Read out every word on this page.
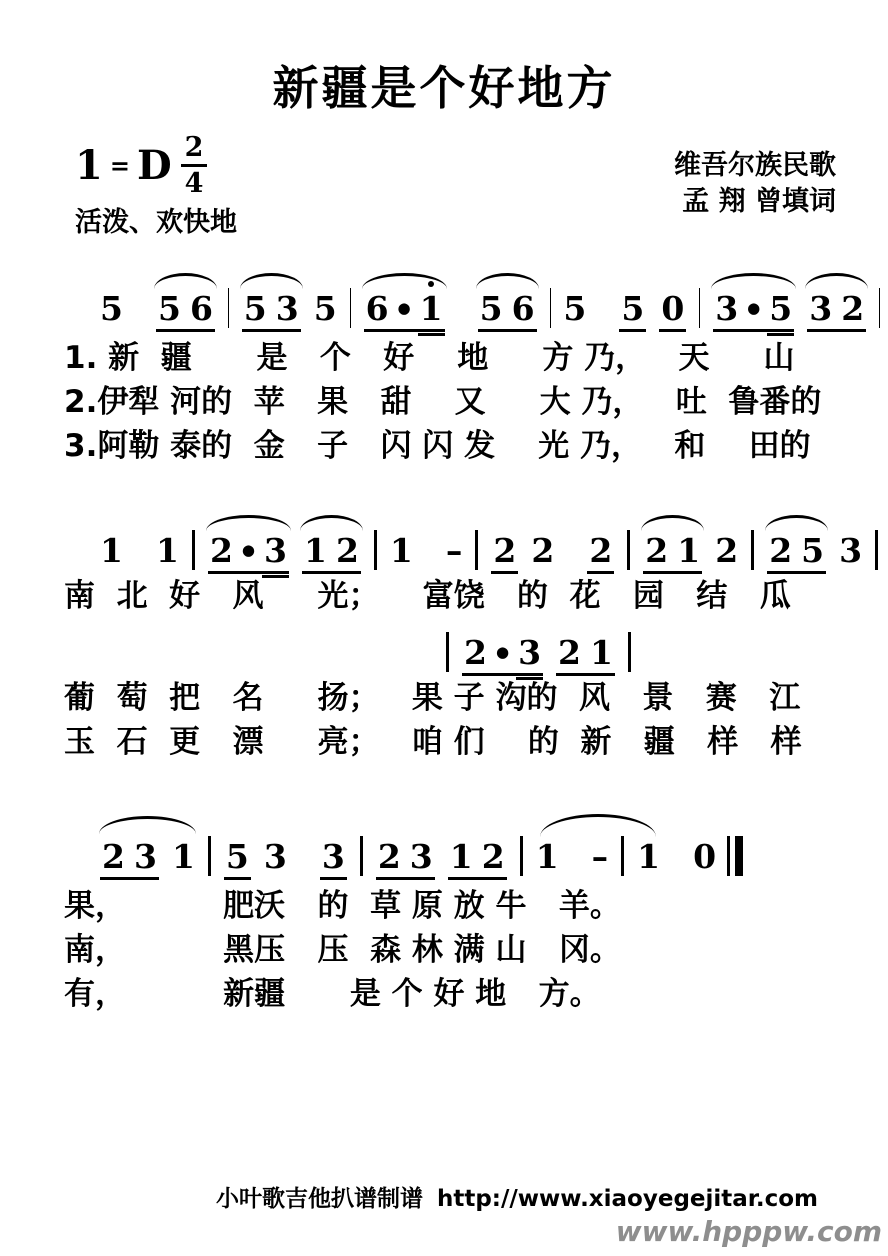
新疆是个好地方
1 = D $\frac{2}{4}$	维吾尔族民歌
孟 翔 曾填词
活泼、欢快地
5 5 6 5 3 5 6 ● 1 5 6 5 5 0 3 ● 5 3 2
1. 新  疆      是   个   好    地     方 乃，   天     山
2.伊犁 河的  苹   果   甜    又     大 乃，   吐  鲁番的
3.阿勒 泰的  金   子   闪 闪 发    光 乃，   和    田的
1 1 2 ● 3 1 2 1 – 2 2 2 2 1 2 2 5 3
南  北  好   风     光；    富饶   的  花   园   结   瓜
2 ● 3 2 1
葡  萄  把   名     扬；   果 子 沟的  风   景   赛   江
玉  石  更   漂     亮；   咱 们    的  新   疆   样   样
2 3 1 5 3 3 2 3 1 2 1 – 1 0
果，         肥沃   的  草 原 放 牛   羊。
南，         黑压   压  森 林 满 山   冈。
有，         新疆      是 个 好 地   方。
小叶歌吉他扒谱制谱 http://www.xiaoyegejitar.com
www.hpppw.com
